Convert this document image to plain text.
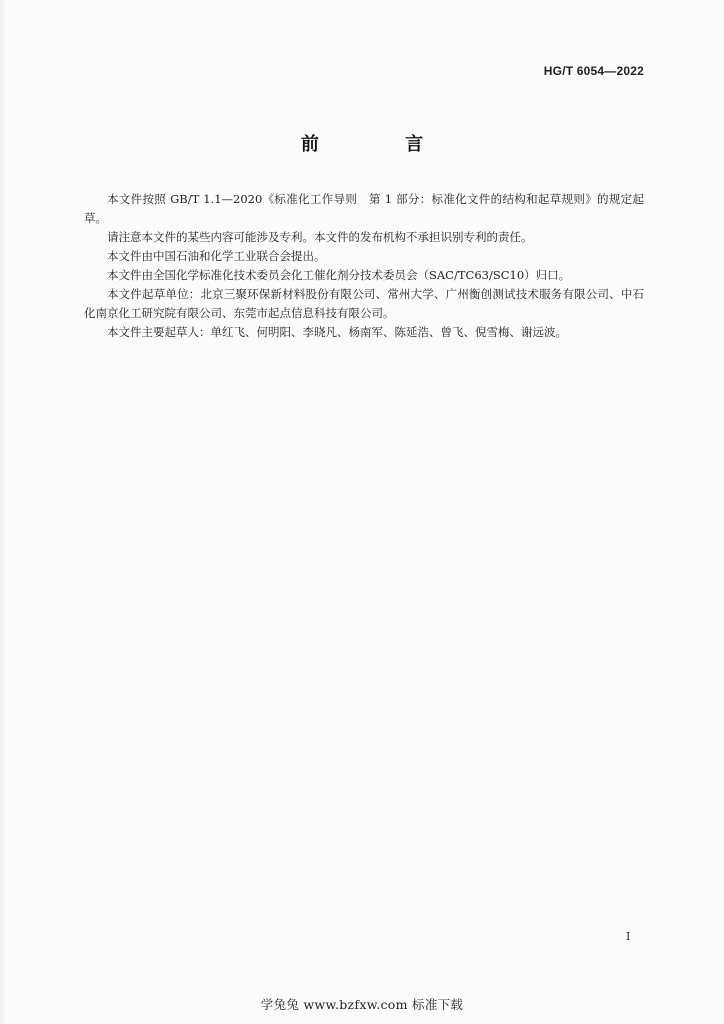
HG/T 6054—2022
前 言

本文件按照 GB/T 1.1—2020《标准化工作导则　第 1 部分：标准化文件的结构和起草规则》的规定起草。

请注意本文件的某些内容可能涉及专利。本文件的发布机构不承担识别专利的责任。

本文件由中国石油和化学工业联合会提出。

本文件由全国化学标准化技术委员会化工催化剂分技术委员会（SAC/TC63/SC10）归口。

本文件起草单位：北京三聚环保新材料股份有限公司、常州大学、广州衡创测试技术服务有限公司、中石化南京化工研究院有限公司、东莞市起点信息科技有限公司。

本文件主要起草人：单红飞、何明阳、李晓凡、杨南军、陈延浩、曾飞、倪雪梅、谢远波。

Ⅰ
学兔兔 www.bzfxw.com 标准下载
